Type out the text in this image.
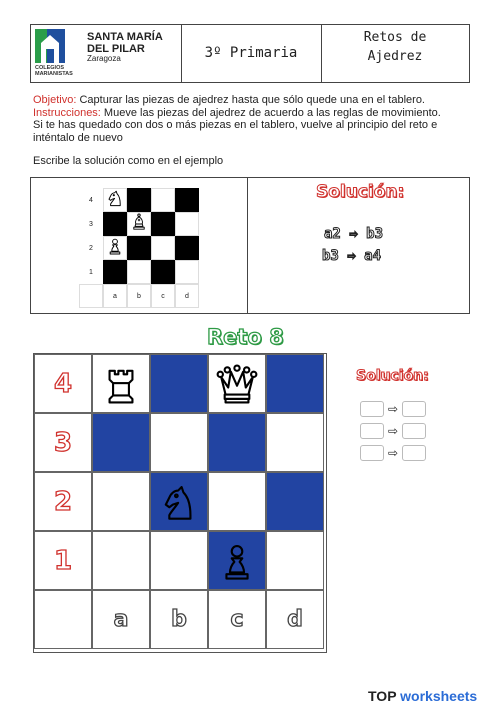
SANTA MARÍA
DEL PILAR
Zaragoza
COLEGIOS
MARIANISTAS
3º Primaria
Retos de
Ajedrez
Objetivo: Capturar las piezas de ajedrez hasta que sólo quede una en el tablero.
Instrucciones: Mueve las piezas del ajedrez de acuerdo a las reglas de movimiento.
Si te has quedado con dos o más piezas en el tablero, vuelve al principio del reto e inténtalo de nuevo
Escribe la solución como en el ejemplo
4
3
2
1
a	b	c	d
Solución:
a2 ⇨ b3
b3 ⇨ a4
Reto 8
4
3
2
1
a	b	c	d
Solución:
⇨
⇨
⇨
TOP worksheets
